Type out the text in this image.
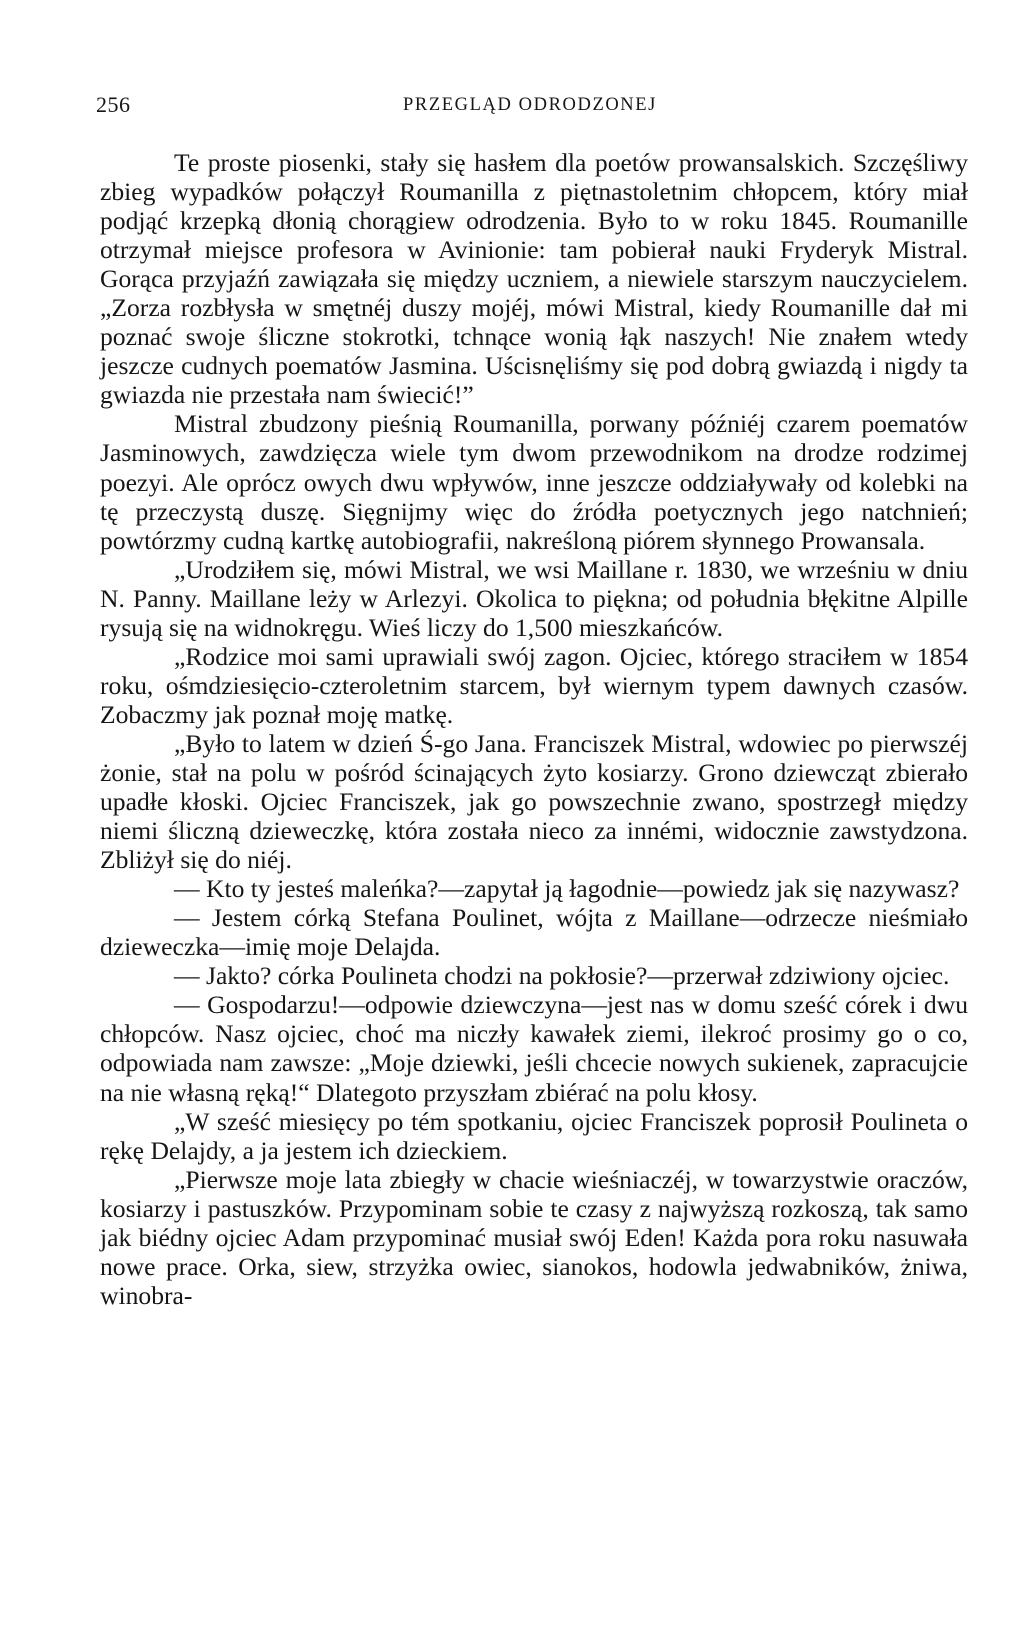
256	PRZEGLĄD ODRODZONEJ

Te proste piosenki, stały się hasłem dla poetów prowansalskich. Szczęśliwy zbieg wypadków połączył Roumanilla z piętnastoletnim chłopcem, który miał podjąć krzepką dłonią chorągiew odrodzenia. Było to w roku 1845. Roumanille otrzymał miejsce profesora w Avinionie: tam pobierał nauki Fryderyk Mistral. Gorąca przyjaźń zawiązała się między uczniem, a niewiele starszym nauczycielem. „Zorza rozbłysła w smętnéj duszy mojéj, mówi Mistral, kiedy Roumanille dał mi poznać swoje śliczne stokrotki, tchnące wonią łąk naszych! Nie znałem wtedy jeszcze cudnych poematów Jasmina. Uścisnęliśmy się pod dobrą gwiazdą i nigdy ta gwiazda nie przestała nam świecić!”

Mistral zbudzony pieśnią Roumanilla, porwany późniéj czarem poematów Jasminowych, zawdzięcza wiele tym dwom przewodnikom na drodze rodzimej poezyi. Ale oprócz owych dwu wpływów, inne jeszcze oddziaływały od kolebki na tę przeczystą duszę. Sięgnijmy więc do źródła poetycznych jego natchnień; powtórzmy cudną kartkę autobiografii, nakreśloną piórem słynnego Prowansala.

„Urodziłem się, mówi Mistral, we wsi Maillane r. 1830, we wrześniu w dniu N. Panny. Maillane leży w Arlezyi. Okolica to piękna; od południa błękitne Alpille rysują się na widnokręgu. Wieś liczy do 1,500 mieszkańców.

„Rodzice moi sami uprawiali swój zagon. Ojciec, którego straciłem w 1854 roku, ośmdziesięcio-czteroletnim starcem, był wiernym typem dawnych czasów. Zobaczmy jak poznał moję matkę.

„Było to latem w dzień Ś-go Jana. Franciszek Mistral, wdowiec po pierwszéj żonie, stał na polu w pośród ścinających żyto kosiarzy. Grono dziewcząt zbierało upadłe kłoski. Ojciec Franciszek, jak go powszechnie zwano, spostrzegł między niemi śliczną dzieweczkę, która została nieco za innémi, widocznie zawstydzona. Zbliżył się do niéj.

— Kto ty jesteś maleńka?—zapytał ją łagodnie—powiedz jak się nazywasz?

— Jestem córką Stefana Poulinet, wójta z Maillane—odrzecze nieśmiało dzieweczka—imię moje Delajda.

— Jakto? córka Poulineta chodzi na pokłosie?—przerwał zdziwiony ojciec.

— Gospodarzu!—odpowie dziewczyna—jest nas w domu sześć córek i dwu chłopców. Nasz ojciec, choć ma niczły kawałek ziemi, ilekroć prosimy go o co, odpowiada nam zawsze: „Moje dziewki, jeśli chcecie nowych sukienek, zapracujcie na nie własną ręką!“ Dlategoto przyszłam zbiérać na polu kłosy.

„W sześć miesięcy po tém spotkaniu, ojciec Franciszek poprosił Poulineta o rękę Delajdy, a ja jestem ich dzieckiem.

„Pierwsze moje lata zbiegły w chacie wieśniaczéj, w towarzystwie oraczów, kosiarzy i pastuszków. Przypominam sobie te czasy z najwyższą rozkoszą, tak samo jak biédny ojciec Adam przypominać musiał swój Eden! Każda pora roku nasuwała nowe prace. Orka, siew, strzyżka owiec, sianokos, hodowla jedwabników, żniwa, winobra-
